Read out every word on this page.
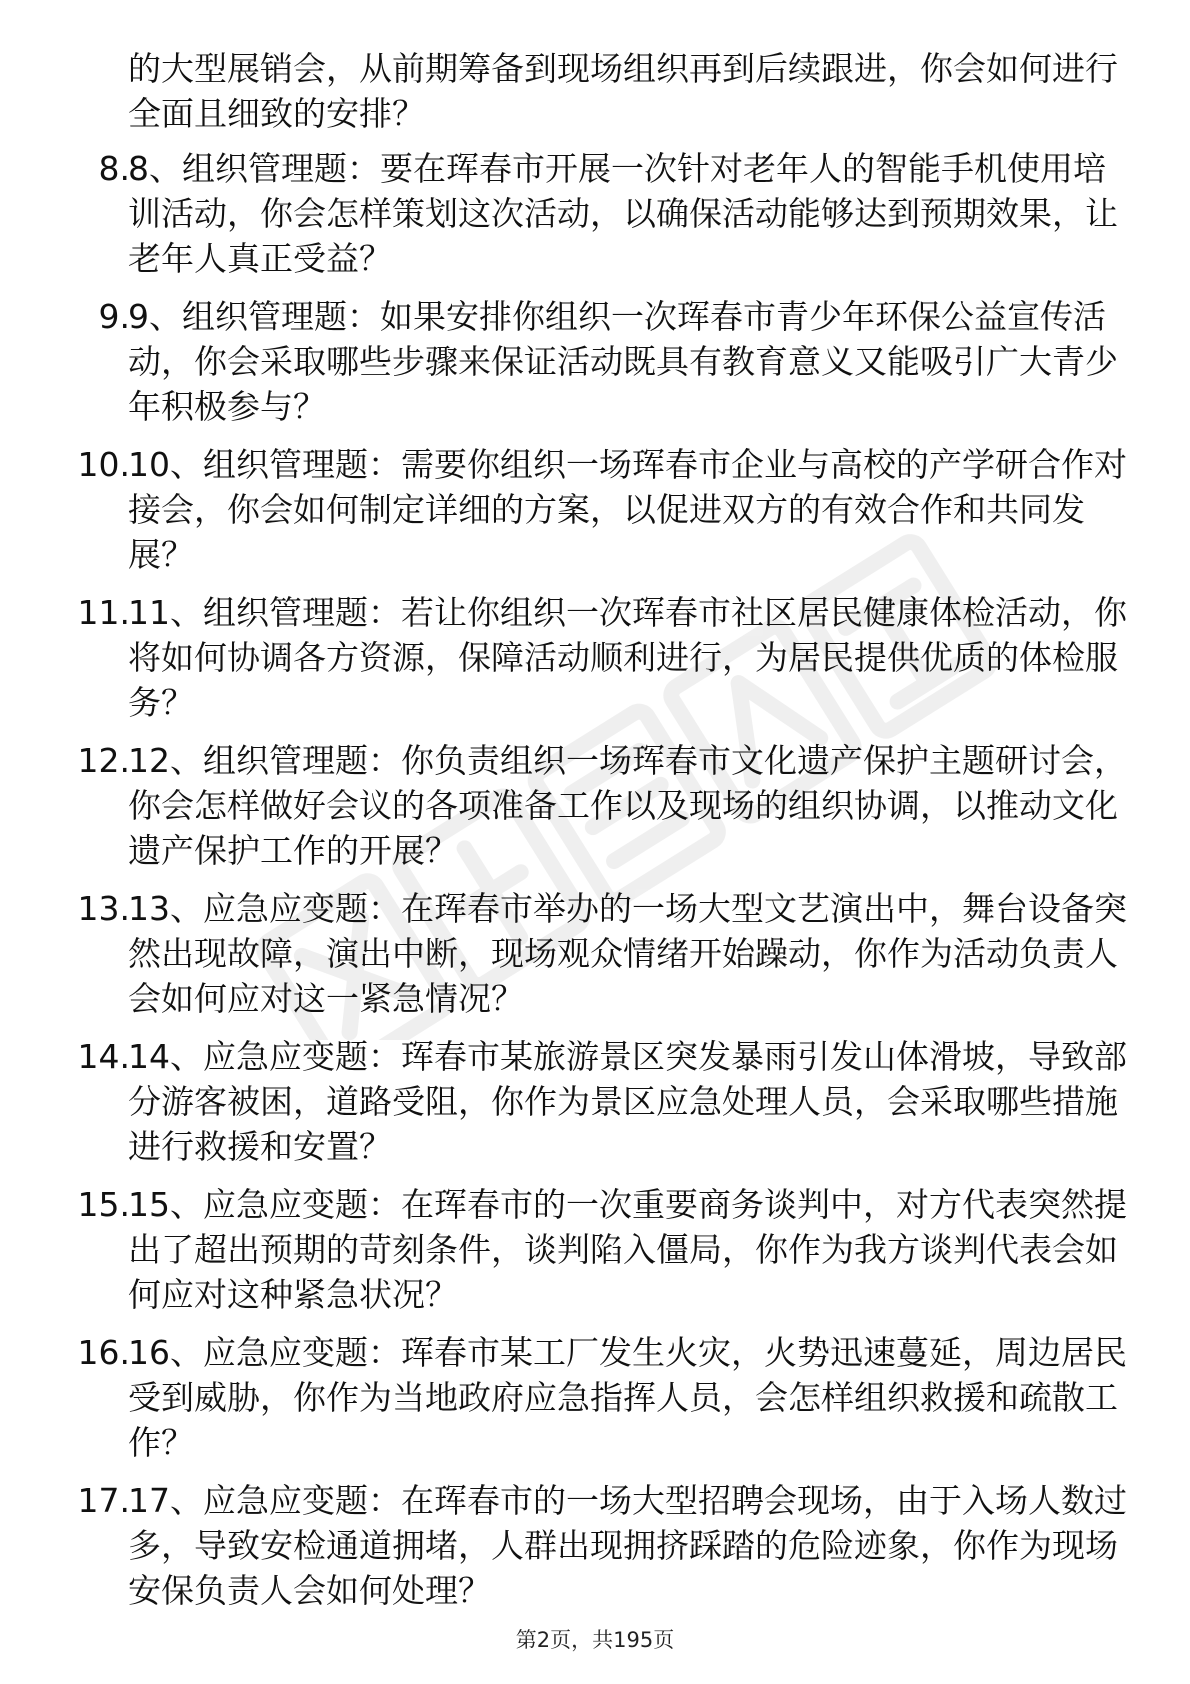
的大型展销会，从前期筹备到现场组织再到后续跟进，你会如何进行全面且细致的安排？

8.
8、组织管理题：要在珲春市开展一次针对老年人的智能手机使用培训活动，你会怎样策划这次活动，以确保活动能够达到预期效果，让老年人真正受益？
9.
9、组织管理题：如果安排你组织一次珲春市青少年环保公益宣传活动，你会采取哪些步骤来保证活动既具有教育意义又能吸引广大青少年积极参与？
10.
10、组织管理题：需要你组织一场珲春市企业与高校的产学研合作对接会，你会如何制定详细的方案，以促进双方的有效合作和共同发展？
11.
11、组织管理题：若让你组织一次珲春市社区居民健康体检活动，你将如何协调各方资源，保障活动顺利进行，为居民提供优质的体检服务？
12.
12、组织管理题：你负责组织一场珲春市文化遗产保护主题研讨会，你会怎样做好会议的各项准备工作以及现场的组织协调，以推动文化遗产保护工作的开展？
13.
13、应急应变题：在珲春市举办的一场大型文艺演出中，舞台设备突然出现故障，演出中断，现场观众情绪开始躁动，你作为活动负责人会如何应对这一紧急情况？
14.
14、应急应变题：珲春市某旅游景区突发暴雨引发山体滑坡，导致部分游客被困，道路受阻，你作为景区应急处理人员，会采取哪些措施进行救援和安置？
15.
15、应急应变题：在珲春市的一次重要商务谈判中，对方代表突然提出了超出预期的苛刻条件，谈判陷入僵局，你作为我方谈判代表会如何应对这种紧急状况？
16.
16、应急应变题：珲春市某工厂发生火灾，火势迅速蔓延，周边居民受到威胁，你作为当地政府应急指挥人员，会怎样组织救援和疏散工作？
17.
17、应急应变题：在珲春市的一场大型招聘会现场，由于入场人数过多，导致安检通道拥堵，人群出现拥挤踩踏的危险迹象，你作为现场安保负责人会如何处理？
第2页，共195页
